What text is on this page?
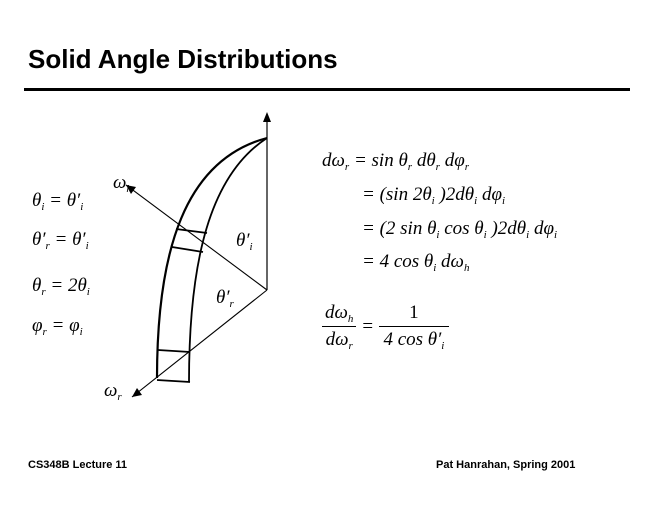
Solid Angle Distributions
$\omega_h$
$\theta'_i$
$\theta'_r$
$\omega_r$
$\theta_i = \theta'_i$
$\theta'_r = \theta'_i$
$\theta_r = 2\theta_i$
$\varphi_r = \varphi_i$
$d\omega_r = \sin \theta_r$ $d\theta_r$ $d\varphi_r$
= (sin $2\theta_i$ )$2d\theta_i$ $d\varphi_i$
= (2 $\sin \theta_i$ $\cos \theta_i$ )$2d\theta_i$ $d\varphi_i$
= 4 $\cos \theta_i$ $d\omega_h$
$\frac{d\omega_h}{d\omega_r} = \frac{1}{4 \cos \theta'_i}$
CS348B Lecture 11	Pat Hanrahan, Spring 2001
